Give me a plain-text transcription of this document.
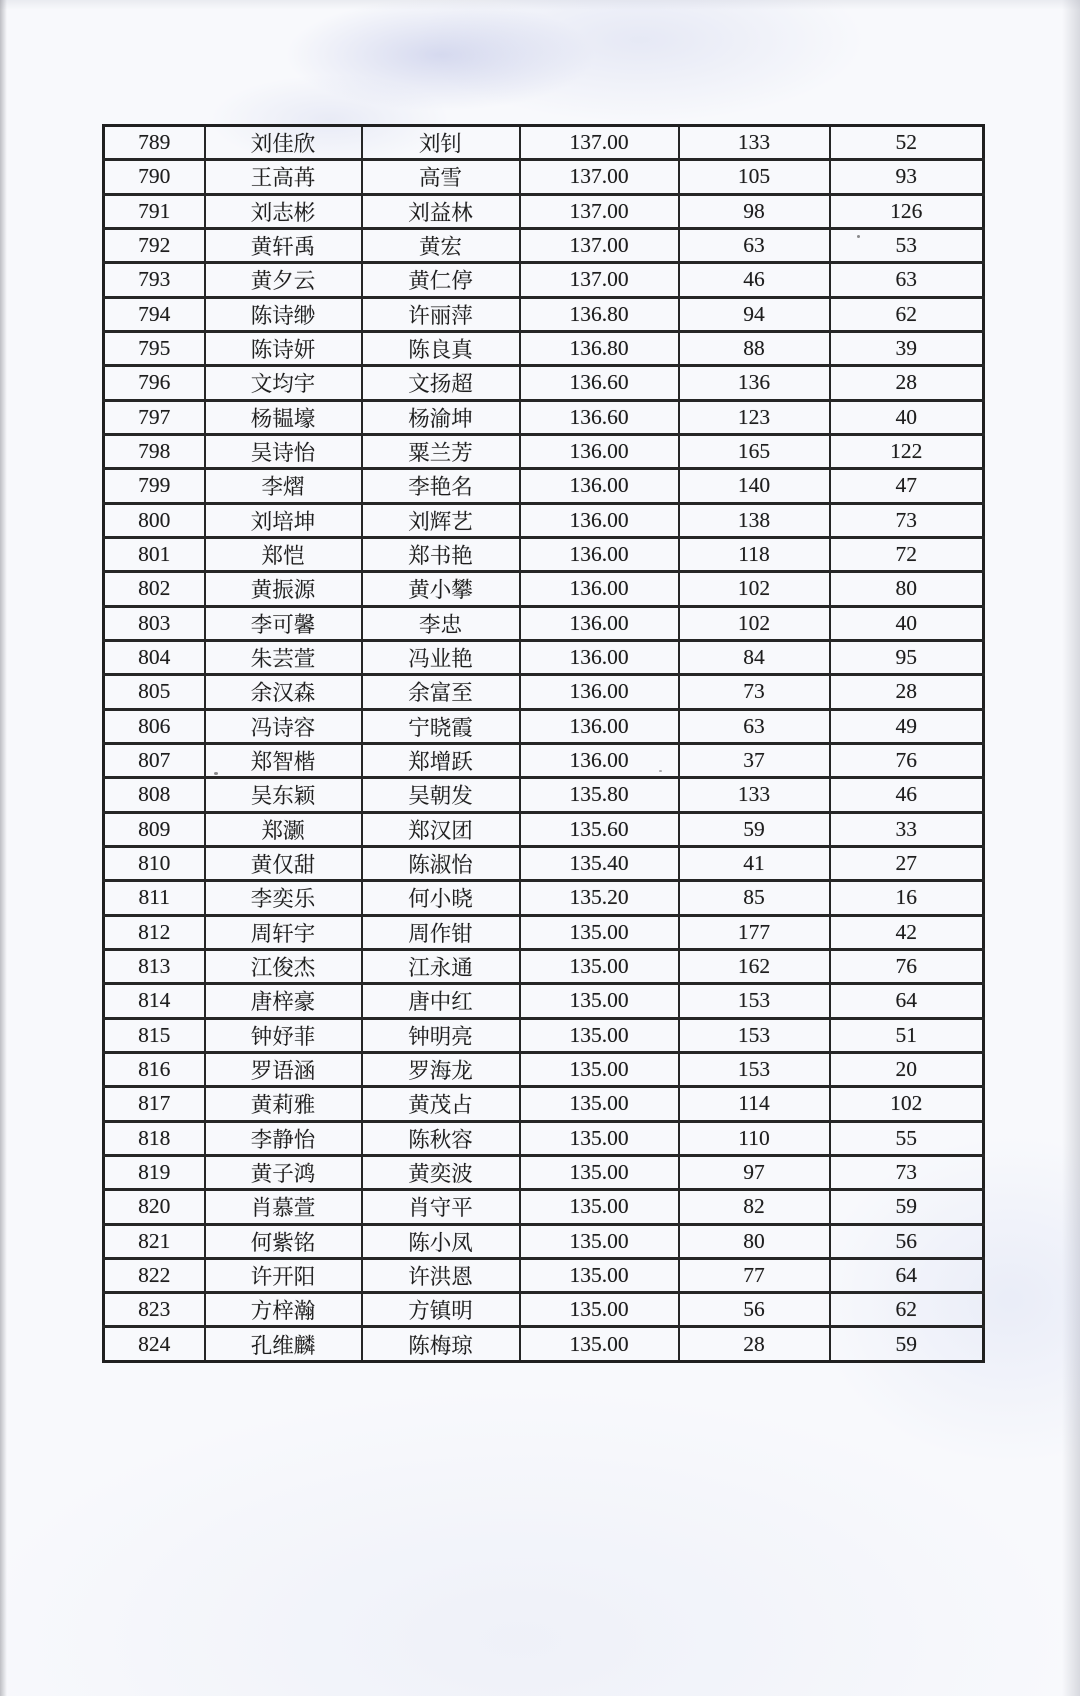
789	刘佳欣	刘钊	137.00	133	52
790	王高苒	高雪	137.00	105	93
791	刘志彬	刘益林	137.00	98	126
792	黄轩禹	黄宏	137.00	63	53
793	黄夕云	黄仁停	137.00	46	63
794	陈诗缈	许丽萍	136.80	94	62
795	陈诗妍	陈良真	136.80	88	39
796	文均宇	文扬超	136.60	136	28
797	杨韫壕	杨渝坤	136.60	123	40
798	吴诗怡	粟兰芳	136.00	165	122
799	李熠	李艳名	136.00	140	47
800	刘培坤	刘辉艺	136.00	138	73
801	郑恺	郑书艳	136.00	118	72
802	黄振源	黄小攀	136.00	102	80
803	李可馨	李忠	136.00	102	40
804	朱芸萱	冯业艳	136.00	84	95
805	余汉森	余富至	136.00	73	28
806	冯诗容	宁晓霞	136.00	63	49
807	郑智楷	郑增跃	136.00	37	76
808	吴东颖	吴朝发	135.80	133	46
809	郑灏	郑汉团	135.60	59	33
810	黄仅甜	陈淑怡	135.40	41	27
811	李奕乐	何小晓	135.20	85	16
812	周轩宇	周作钳	135.00	177	42
813	江俊杰	江永通	135.00	162	76
814	唐梓豪	唐中红	135.00	153	64
815	钟妤菲	钟明亮	135.00	153	51
816	罗语涵	罗海龙	135.00	153	20
817	黄莉雅	黄茂占	135.00	114	102
818	李静怡	陈秋容	135.00	110	55
819	黄子鸿	黄奕波	135.00	97	73
820	肖慕萱	肖守平	135.00	82	59
821	何紫铭	陈小凤	135.00	80	56
822	许开阳	许洪恩	135.00	77	64
823	方梓瀚	方镇明	135.00	56	62
824	孔维麟	陈梅琼	135.00	28	59
